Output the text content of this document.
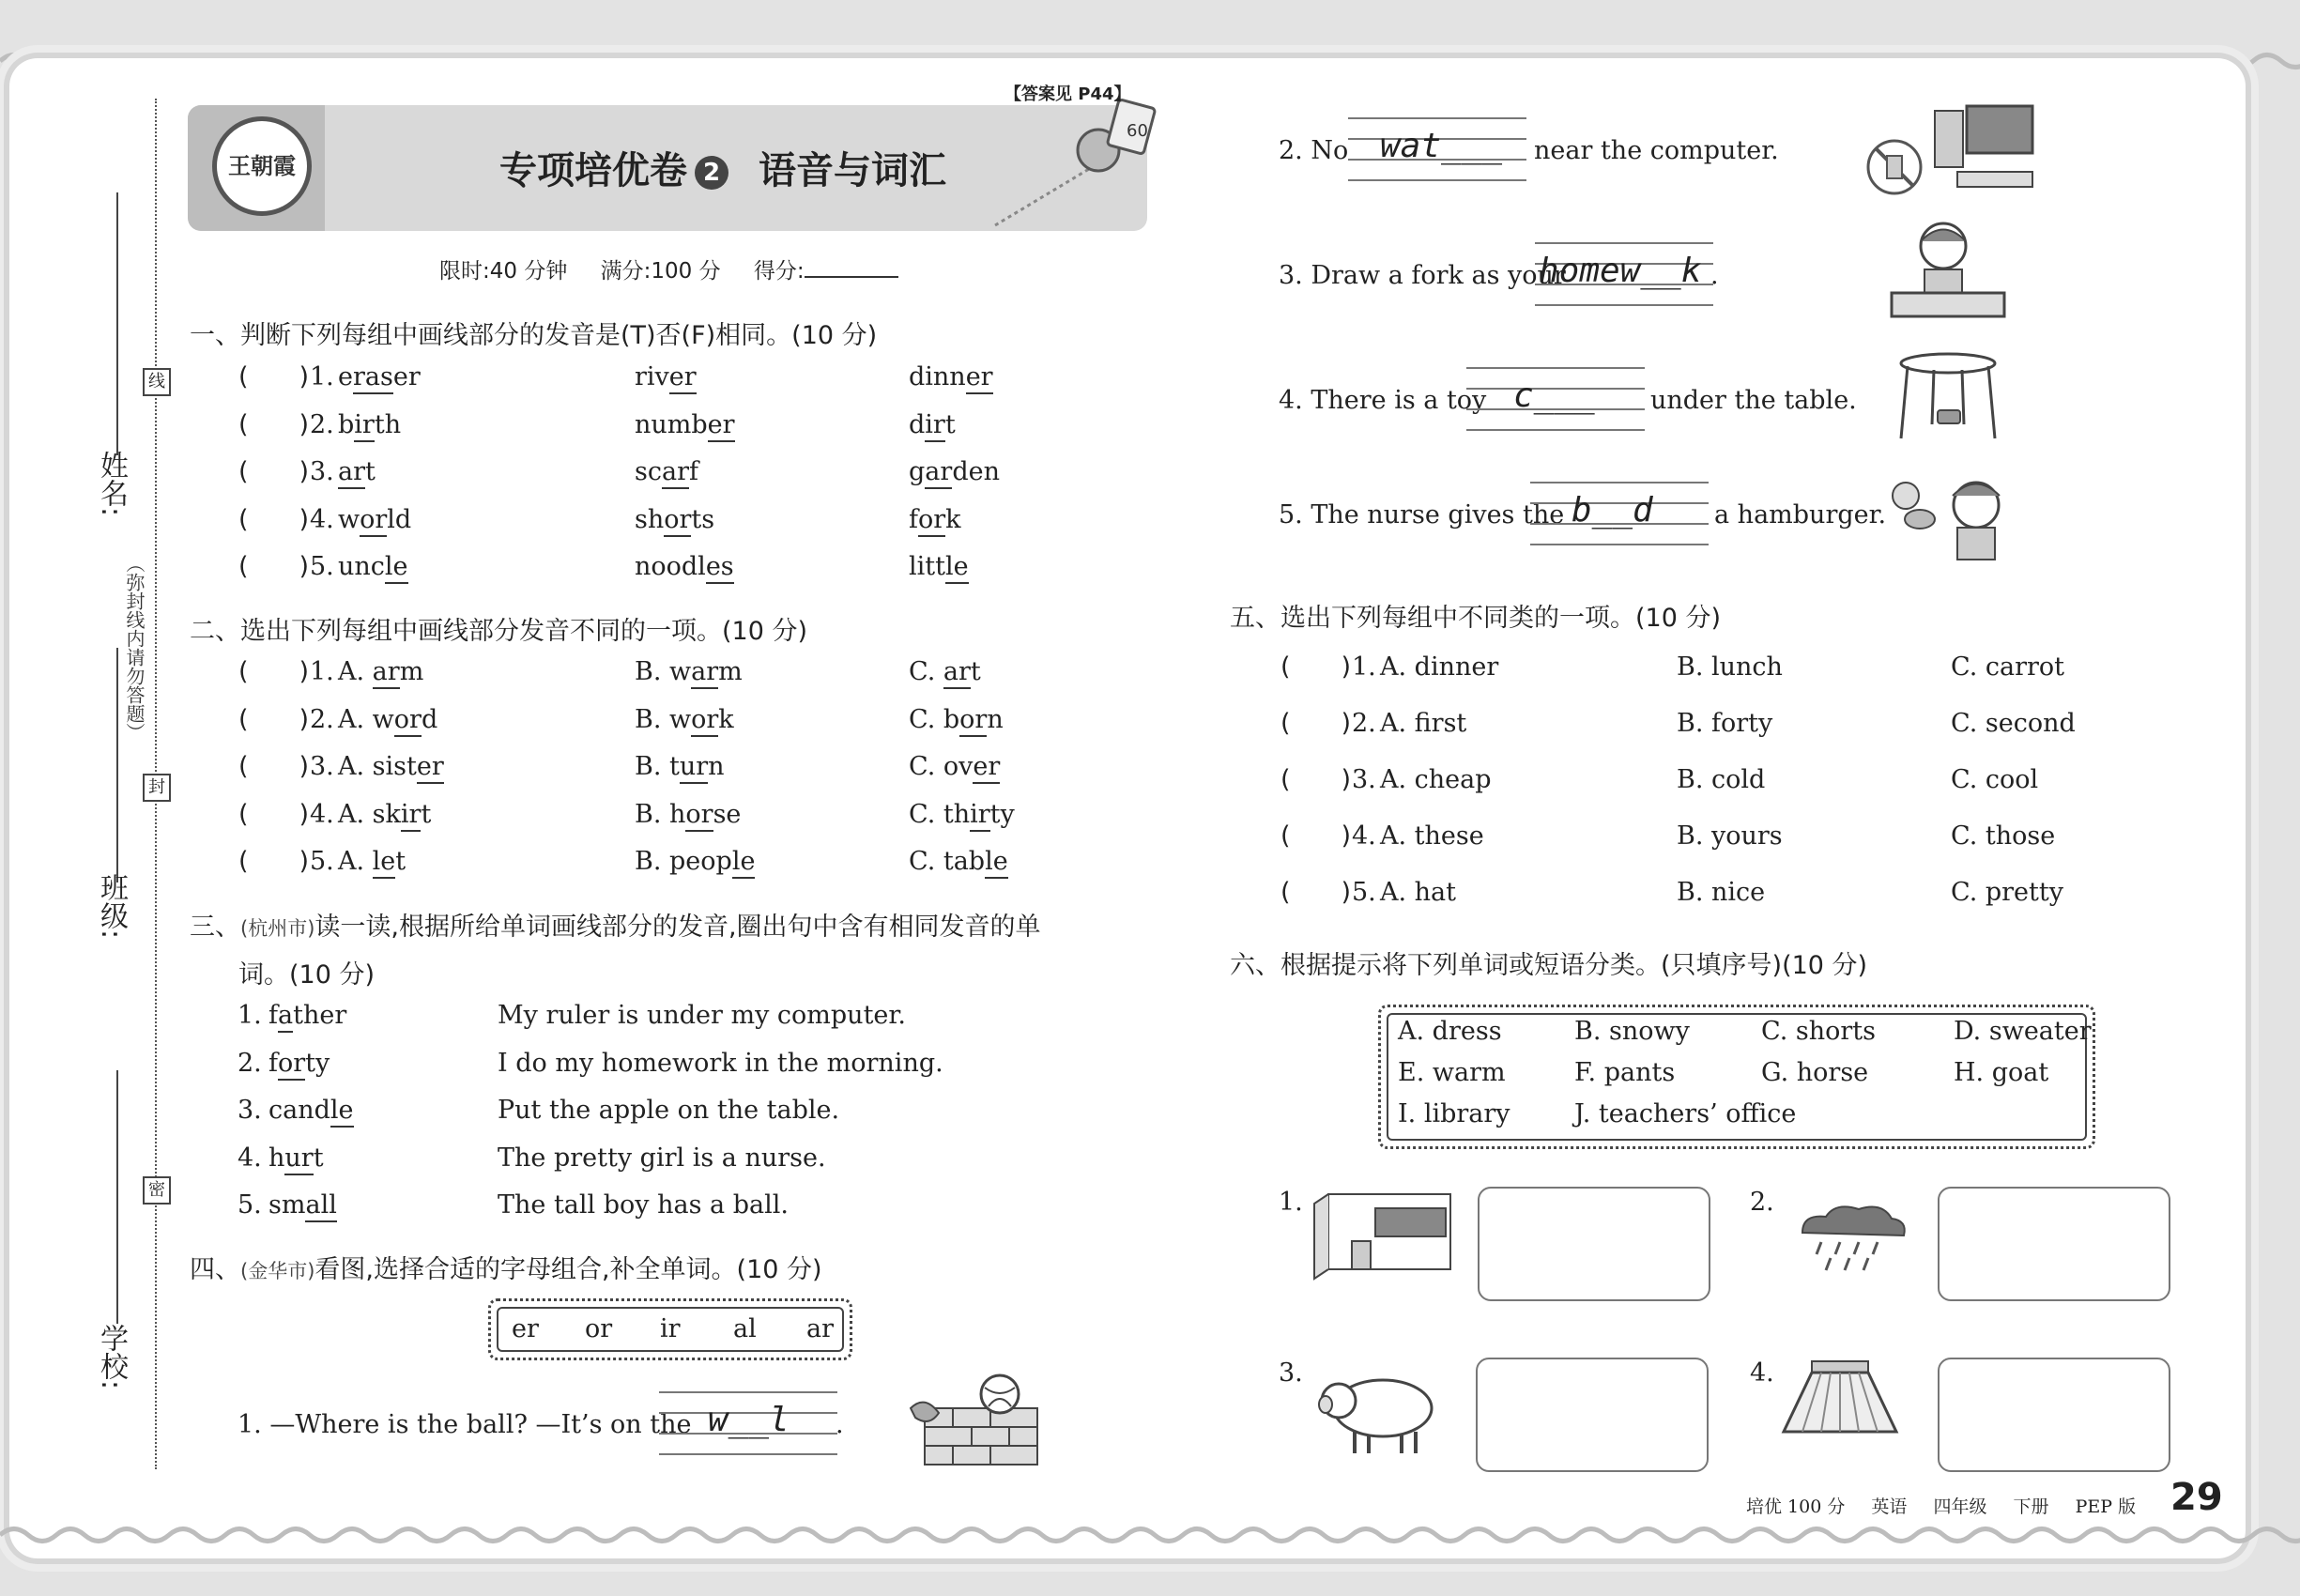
姓名:
班级:
学校:
线
封
密
（弥封线内请勿答题）
王朝霞
60
【答案见 P44】
专项培优卷 2 语音与词汇
限时:40 分钟 满分:100 分 得分:
一、判断下列每组中画线部分的发音是(T)否(F)相同。(10 分)
(  ) 1. eraser	river	dinner
(  ) 2. birth	number	dirt
(  ) 3. art	scarf	garden
(  ) 4. world	shorts	fork
(  ) 5. uncle	noodles	little
二、选出下列每组中画线部分发音不同的一项。(10 分)
(  ) 1. A. arm	B. warm	C. art
(  ) 2. A. word	B. work	C. born
(  ) 3. A. sister	B. turn	C. over
(  ) 4. A. skirt	B. horse	C. thirty
(  ) 5. A. let	B. people	C. table
三、(杭州市)读一读,根据所给单词画线部分的发音,圈出句中含有相同发音的单
词。(10 分)
1. father	My ruler is under my computer.
2. forty	I do my homework in the morning.
3. candle	Put the apple on the table.
4. hurt	The pretty girl is a nurse.
5. small	The tall boy has a ball.
四、(金华市)看图,选择合适的字母组合,补全单词。(10 分)
er or ir al ar
1. —Where is the ball? —It’s on the w__l .
2. No wat___ near the computer.
3. Draw a fork as your
homew__k .
4. There is a toy c___ under the table.
5. The nurse gives the b__d a hamburger.
五、选出下列每组中不同类的一项。(10 分)
(  ) 1. A. dinner	B. lunch	C. carrot
(  ) 2. A. first	B. forty	C. second
(  ) 3. A. cheap	B. cold	C. cool
(  ) 4. A. these	B. yours	C. those
(  ) 5. A. hat	B. nice	C. pretty
六、根据提示将下列单词或短语分类。(只填序号)(10 分)
A. dress	B. snowy	C. shorts	D. sweater
E. warm	F. pants	G. horse	H. goat
I. library	J. teachers’ office
1.	2.
3.	4.
培优 100 分 英语 四年级 下册 PEP 版 29
